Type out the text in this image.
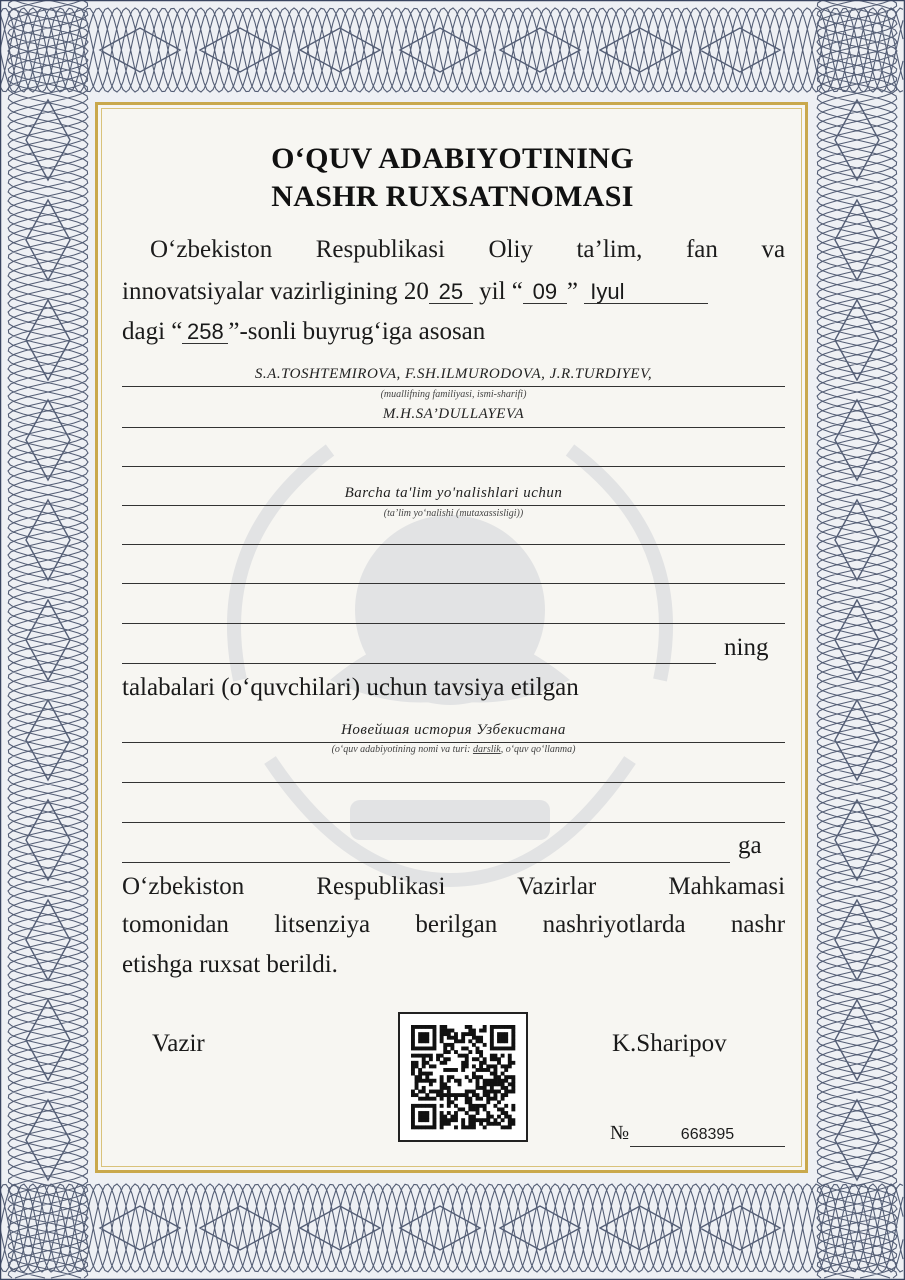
O‘QUV ADABIYOTINING
NASHR RUXSATNOMASI
O‘zbekiston Respublikasi Oliy ta’lim, fan va
innovatsiyalar vazirligining 20 25 yil “ 09 ” Iyul
dagi “ 258 ”-sonli buyrug‘iga asosan
S.A.TOSHTEMIROVA, F.SH.ILMURODOVA, J.R.TURDIYEV,
(muallifning familiyasi, ismi-sharifi)
M.H.SA’DULLAYEVA
Barcha ta'lim yo'nalishlari uchun
(ta’lim yo‘nalishi (mutaxassisligi))
ning
talabalari (o‘quvchilari) uchun tavsiya etilgan
Новейшая история Узбекистана
(o‘quv adabiyotining nomi va turi: darslik, o‘quv qo‘llanma)
ga
O‘zbekiston	Respublikasi	Vazirlar	Mahkamasi
tomonidan litsenziya berilgan nashriyotlarda nashr
etishga ruxsat berildi.
Vazir	K.Sharipov
№	668395
